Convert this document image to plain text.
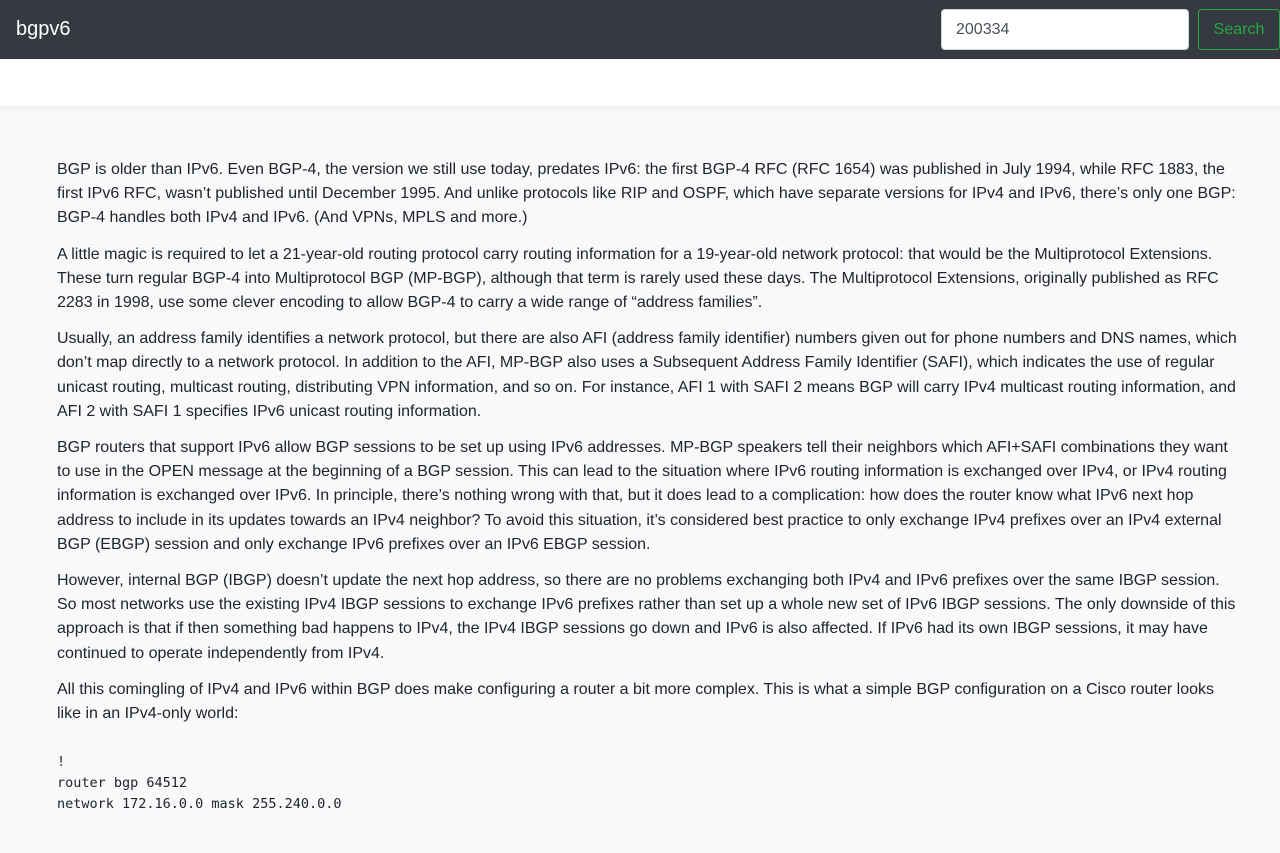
bgpv6
200334	Search

BGP is older than IPv6. Even BGP-4, the version we still use today, predates IPv6: the first BGP-4 RFC (RFC 1654) was published in July 1994, while RFC 1883, the first IPv6 RFC, wasn’t published until December 1995. And unlike protocols like RIP and OSPF, which have separate versions for IPv4 and IPv6, there’s only one BGP: BGP-4 handles both IPv4 and IPv6. (And VPNs, MPLS and more.)

A little magic is required to let a 21-year-old routing protocol carry routing information for a 19-year-old network protocol: that would be the Multiprotocol Extensions. These turn regular BGP-4 into Multiprotocol BGP (MP-BGP), although that term is rarely used these days. The Multiprotocol Extensions, originally published as RFC 2283 in 1998, use some clever encoding to allow BGP-4 to carry a wide range of “address families”.

Usually, an address family identifies a network protocol, but there are also AFI (address family identifier) numbers given out for phone numbers and DNS names, which don’t map directly to a network protocol. In addition to the AFI, MP-BGP also uses a Subsequent Address Family Identifier (SAFI), which indicates the use of regular unicast routing, multicast routing, distributing VPN information, and so on. For instance, AFI 1 with SAFI 2 means BGP will carry IPv4 multicast routing information, and AFI 2 with SAFI 1 specifies IPv6 unicast routing information.

BGP routers that support IPv6 allow BGP sessions to be set up using IPv6 addresses. MP-BGP speakers tell their neighbors which AFI+SAFI combinations they want to use in the OPEN message at the beginning of a BGP session. This can lead to the situation where IPv6 routing information is exchanged over IPv4, or IPv4 routing information is exchanged over IPv6. In principle, there’s nothing wrong with that, but it does lead to a complication: how does the router know what IPv6 next hop address to include in its updates towards an IPv4 neighbor? To avoid this situation, it’s considered best practice to only exchange IPv4 prefixes over an IPv4 external BGP (EBGP) session and only exchange IPv6 prefixes over an IPv6 EBGP session.

However, internal BGP (IBGP) doesn’t update the next hop address, so there are no problems exchanging both IPv4 and IPv6 prefixes over the same IBGP session. So most networks use the existing IPv4 IBGP sessions to exchange IPv6 prefixes rather than set up a whole new set of IPv6 IBGP sessions. The only downside of this approach is that if then something bad happens to IPv4, the IPv4 IBGP sessions go down and IPv6 is also affected. If IPv6 had its own IBGP sessions, it may have continued to operate independently from IPv4.

All this comingling of IPv4 and IPv6 within BGP does make configuring a router a bit more complex. This is what a simple BGP configuration on a Cisco router looks like in an IPv4-only world:

!
router bgp 64512
network 172.16.0.0 mask 255.240.0.0
